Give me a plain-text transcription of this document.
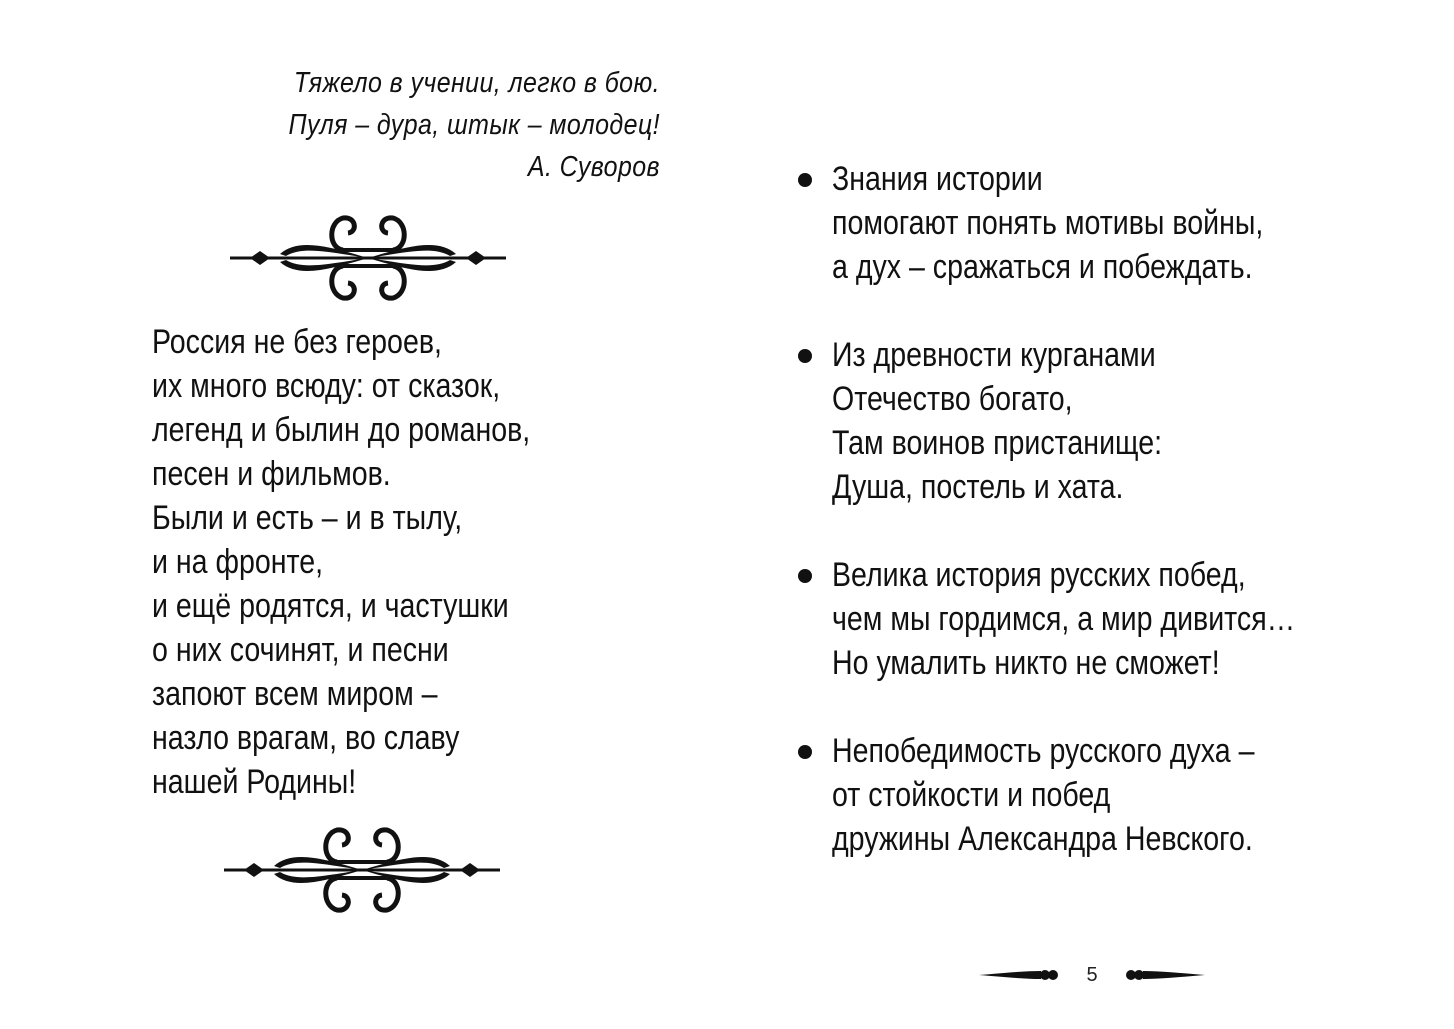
Тяжело в учении, легко в бою.
Пуля – дура, штык – молодец!
А. Суворов
Россия не без героев,
их много всюду: от сказок,
легенд и былин до романов,
песен и фильмов.
Были и есть – и в тылу,
и на фронте,
и ещё родятся, и частушки
о них сочинят, и песни
запоют всем миром –
назло врагам, во славу
нашей Родины!
Знания истории
помогают понять мотивы войны,
а дух – сражаться и побеждать.
Из древности курганами
Отечество богато,
Там воинов пристанище:
Душа, постель и хата.
Велика история русских побед,
чем мы гордимся, а мир дивится…
Но умалить никто не сможет!
Непобедимость русского духа –
от стойкости и побед
дружины Александра Невского.
5
